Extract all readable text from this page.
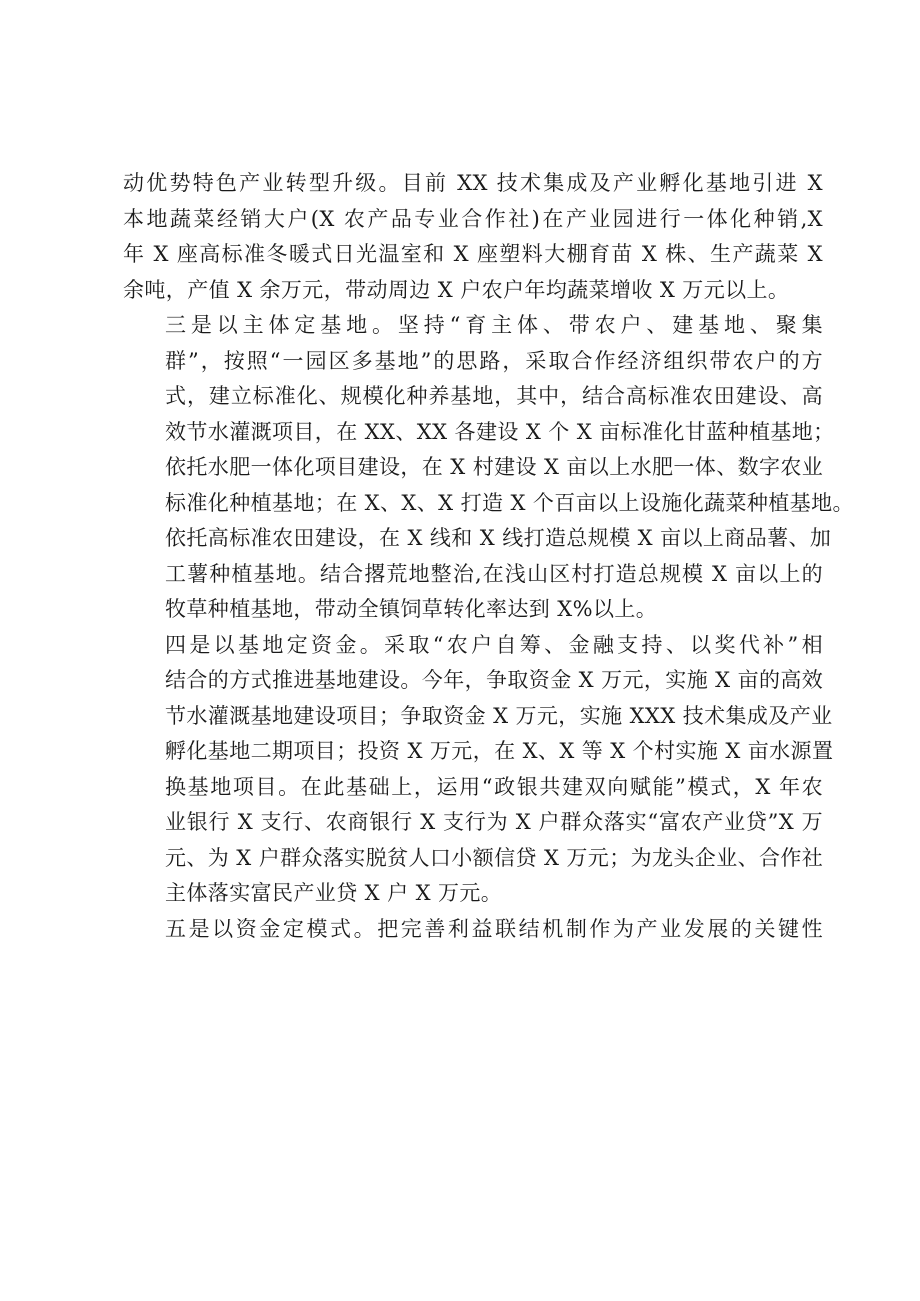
动优势特色产业转型升级。目前 XX 技术集成及产业孵化基地引进 X
本地蔬菜经销大户(X 农产品专业合作社)在产业园进行一体化种销,X
年 X 座高标准冬暖式日光温室和 X 座塑料大棚育苗 X 株、生产蔬菜 X
余吨，产值 X 余万元，带动周边 X 户农户年均蔬菜增收 X 万元以上。

三是以主体定基地。坚持“育主体、带农户、建基地、聚集
群”，按照“一园区多基地”的思路，采取合作经济组织带农户的方
式，建立标准化、规模化种养基地，其中，结合高标准农田建设、高
效节水灌溉项目，在 XX、XX 各建设 X 个 X 亩标准化甘蓝种植基地；
依托水肥一体化项目建设，在 X 村建设 X 亩以上水肥一体、数字农业
标准化种植基地；在 X、X、X 打造 X 个百亩以上设施化蔬菜种植基地。
依托高标准农田建设，在 X 线和 X 线打造总规模 X 亩以上商品薯、加
工薯种植基地。结合撂荒地整治,在浅山区村打造总规模 X 亩以上的
牧草种植基地，带动全镇饲草转化率达到 X%以上。

四是以基地定资金。采取“农户自筹、金融支持、以奖代补”相
结合的方式推进基地建设。今年，争取资金 X 万元，实施 X 亩的高效
节水灌溉基地建设项目；争取资金 X 万元，实施 XXX 技术集成及产业
孵化基地二期项目；投资 X 万元，在 X、X 等 X 个村实施 X 亩水源置
换基地项目。在此基础上，运用“政银共建双向赋能”模式，X 年农
业银行 X 支行、农商银行 X 支行为 X 户群众落实“富农产业贷”X 万
元、为 X 户群众落实脱贫人口小额信贷 X 万元；为龙头企业、合作社
主体落实富民产业贷 X 户 X 万元。

五是以资金定模式。把完善利益联结机制作为产业发展的关键性
